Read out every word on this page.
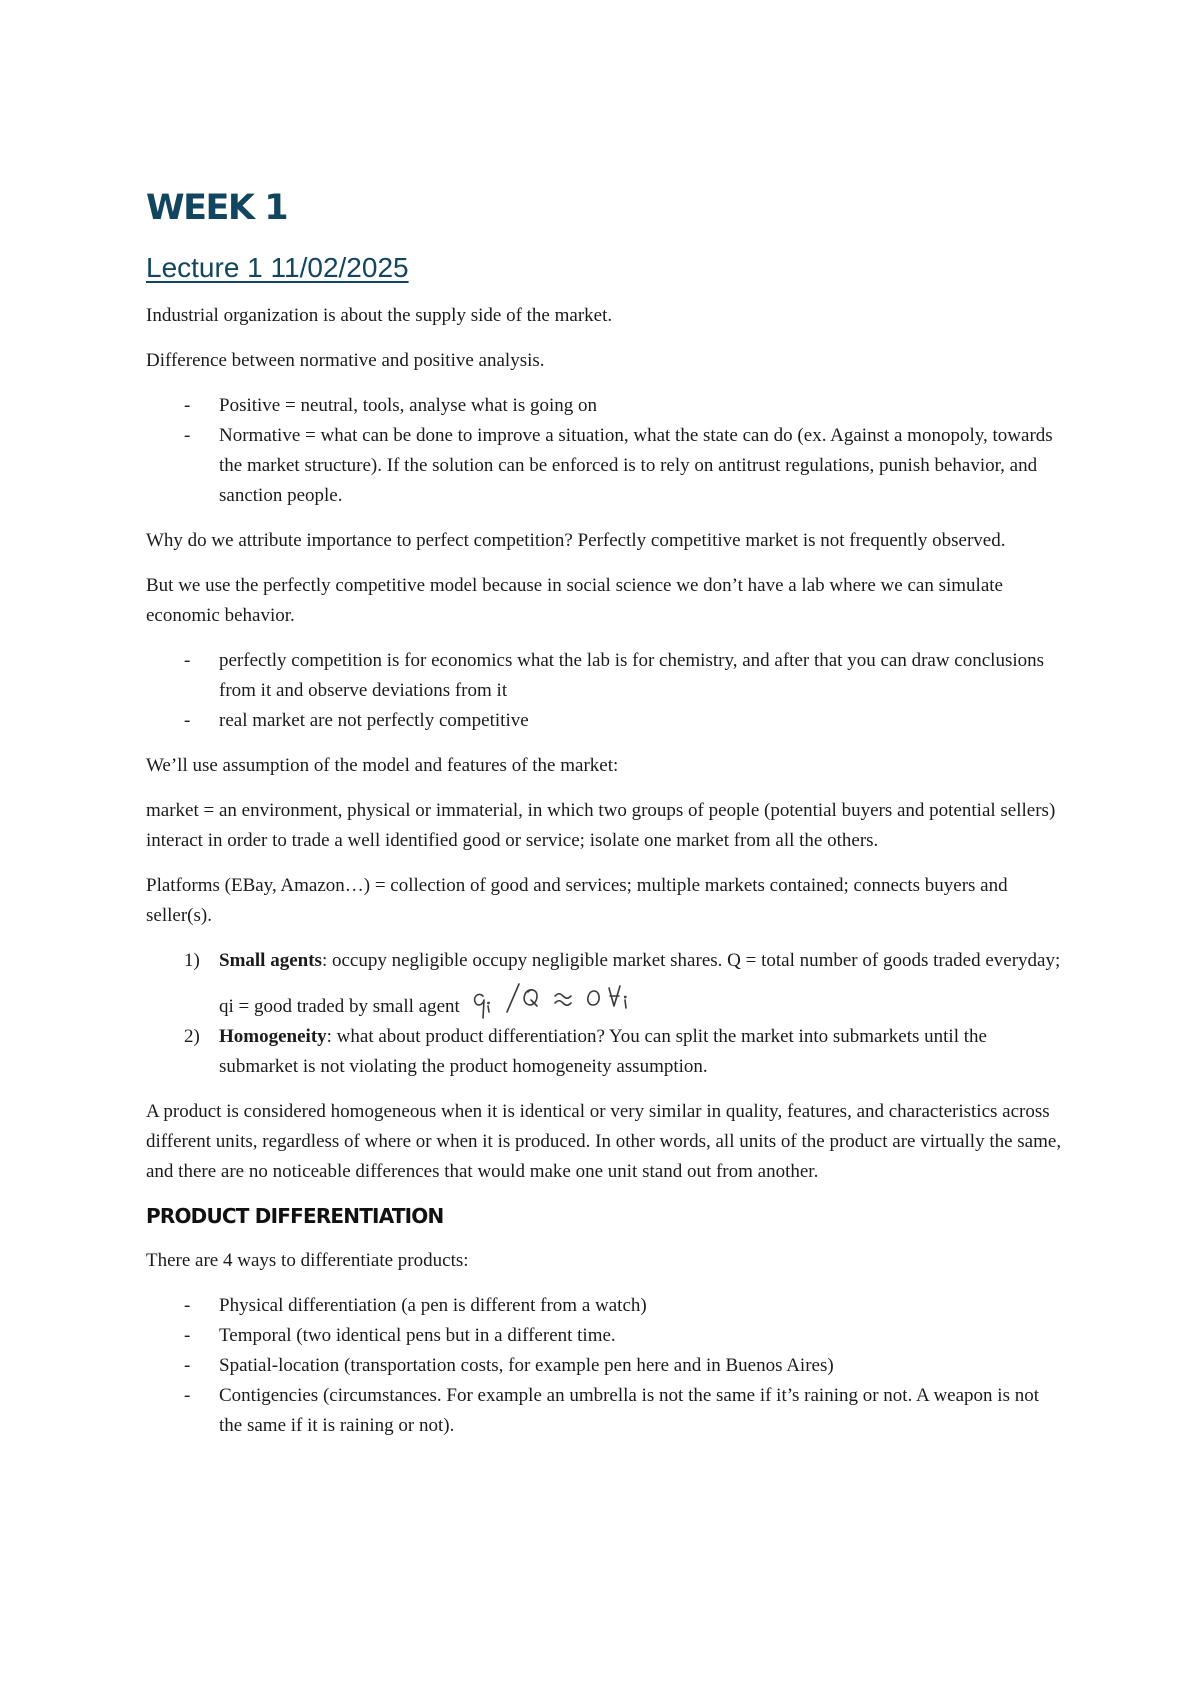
WEEK 1
Lecture 1 11/02/2025

Industrial organization is about the supply side of the market.

Difference between normative and positive analysis.

- Positive = neutral, tools, analyse what is going on
- Normative = what can be done to improve a situation, what the state can do (ex. Against a monopoly, towards the market structure). If the solution can be enforced is to rely on antitrust regulations, punish behavior, and sanction people.

Why do we attribute importance to perfect competition? Perfectly competitive market is not frequently observed.

But we use the perfectly competitive model because in social science we don’t have a lab where we can simulate economic behavior.

- perfectly competition is for economics what the lab is for chemistry, and after that you can draw conclusions from it and observe deviations from it
- real market are not perfectly competitive

We’ll use assumption of the model and features of the market:

market = an environment, physical or immaterial, in which two groups of people (potential buyers and potential sellers) interact in order to trade a well identified good or service; isolate one market from all the others.

Platforms (EBay, Amazon…) = collection of good and services; multiple markets contained; connects buyers and seller(s).

1) Small agents: occupy negligible occupy negligible market shares. Q = total number of goods traded everyday; qi = good traded by small agent
2) Homogeneity: what about product differentiation? You can split the market into submarkets until the submarket is not violating the product homogeneity assumption.

A product is considered homogeneous when it is identical or very similar in quality, features, and characteristics across different units, regardless of where or when it is produced. In other words, all units of the product are virtually the same, and there are no noticeable differences that would make one unit stand out from another.

PRODUCT DIFFERENTIATION

There are 4 ways to differentiate products:

- Physical differentiation (a pen is different from a watch)
- Temporal (two identical pens but in a different time.
- Spatial-location (transportation costs, for example pen here and in Buenos Aires)
- Contigencies (circumstances. For example an umbrella is not the same if it’s raining or not. A weapon is not the same if it is raining or not).
